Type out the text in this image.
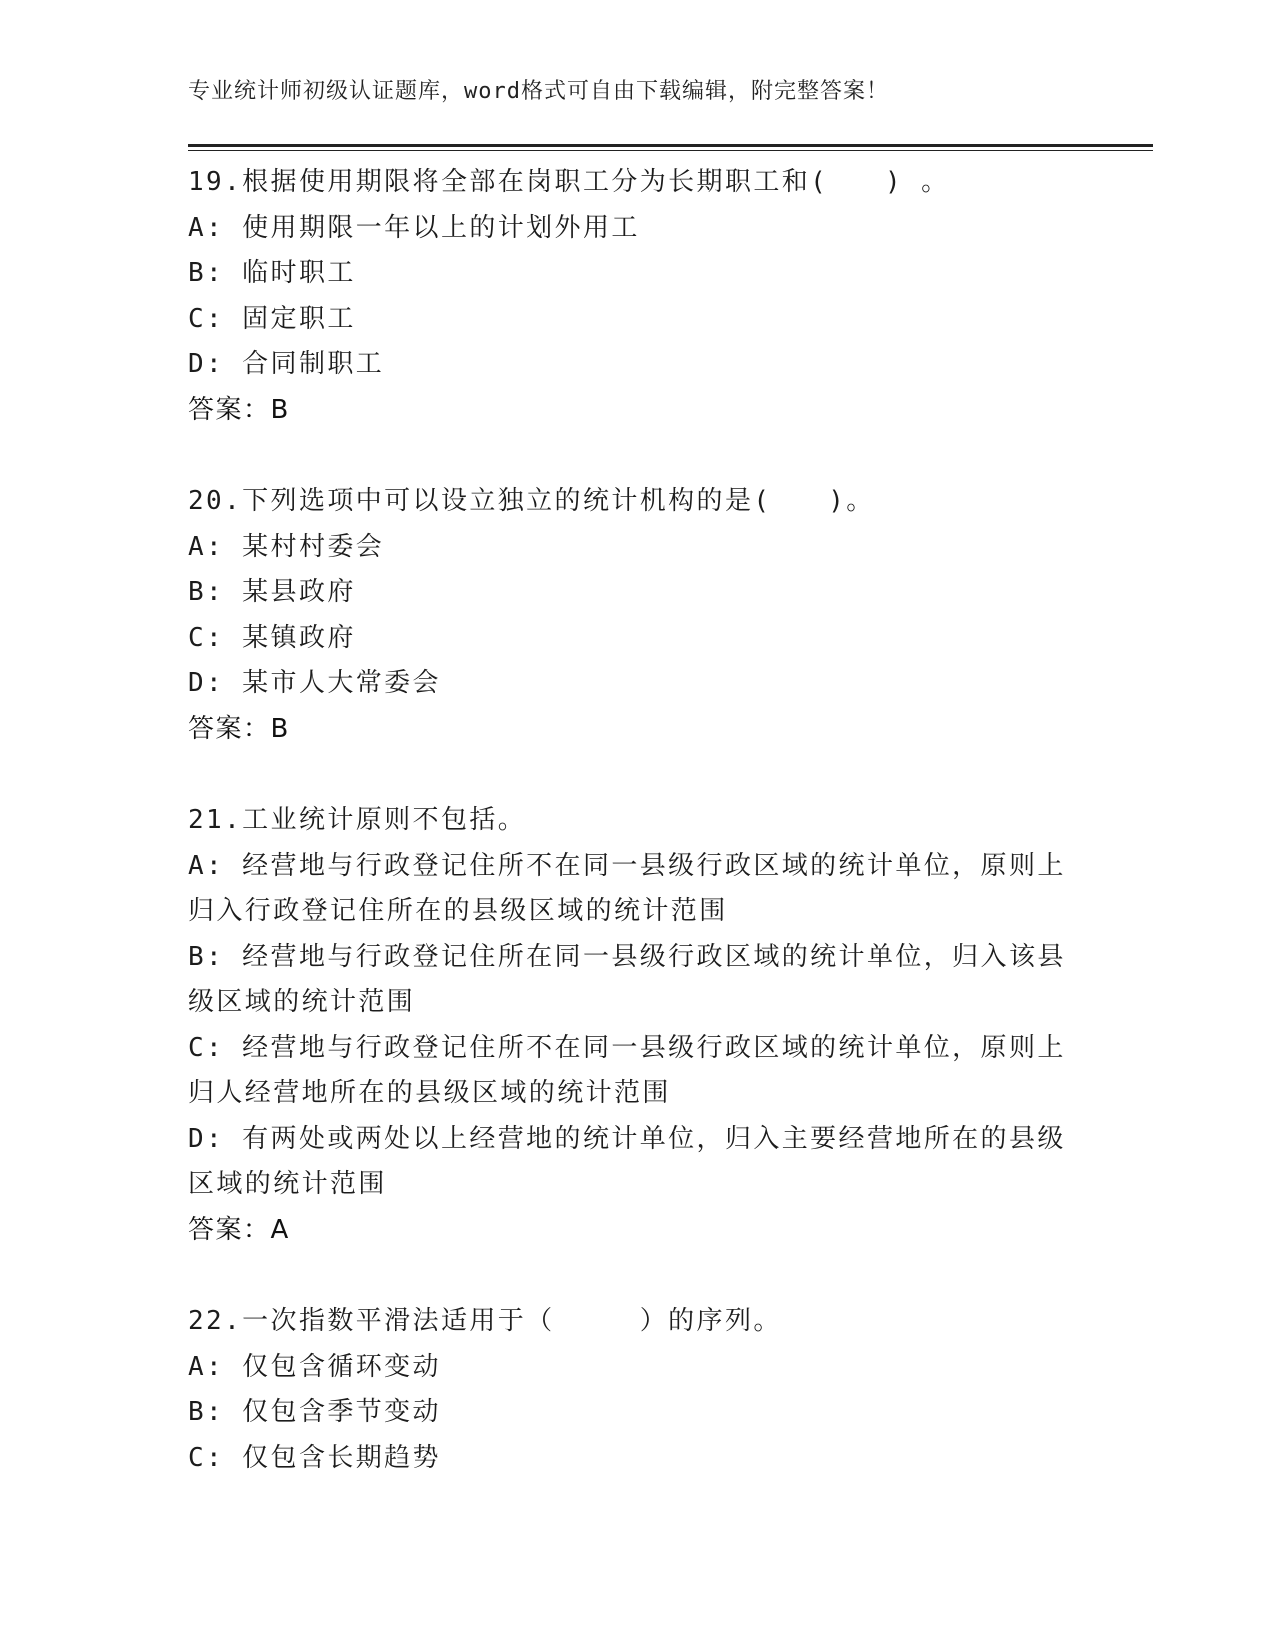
专业统计师初级认证题库，word格式可自由下载编辑，附完整答案！
19.根据使用期限将全部在岗职工分为长期职工和(　　) 。
A: 使用期限一年以上的计划外用工
B: 临时职工
C: 固定职工
D: 合同制职工
答案：B
20.下列选项中可以设立独立的统计机构的是(　　)。
A: 某村村委会
B: 某县政府
C: 某镇政府
D: 某市人大常委会
答案：B
21.工业统计原则不包括。
A: 经营地与行政登记住所不在同一县级行政区域的统计单位，原则上归入行政登记住所在的县级区域的统计范围
B: 经营地与行政登记住所在同一县级行政区域的统计单位，归入该县级区域的统计范围
C: 经营地与行政登记住所不在同一县级行政区域的统计单位，原则上归人经营地所在的县级区域的统计范围
D: 有两处或两处以上经营地的统计单位，归入主要经营地所在的县级区域的统计范围
答案：A
22.一次指数平滑法适用于（　　　）的序列。
A: 仅包含循环变动
B: 仅包含季节变动
C: 仅包含长期趋势
